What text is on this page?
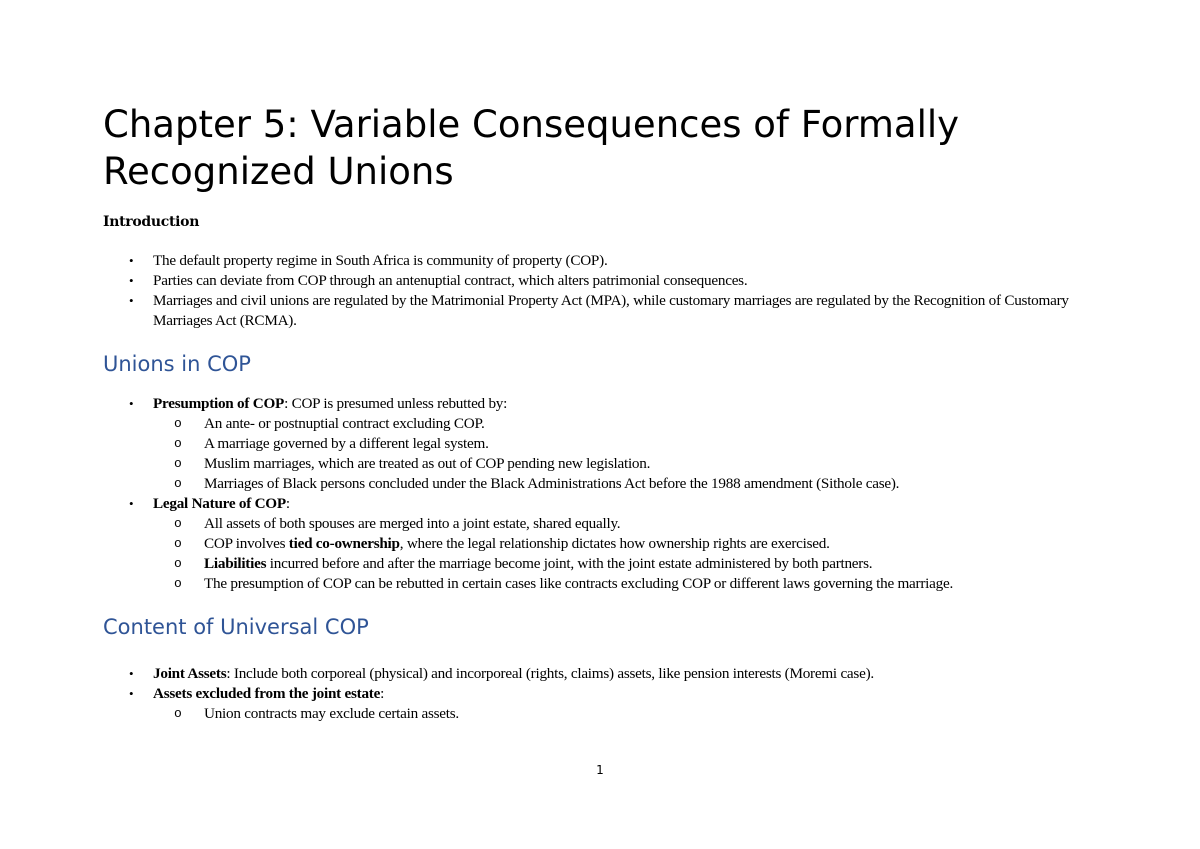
Chapter 5: Variable Consequences of Formally Recognized Unions
Introduction
• The default property regime in South Africa is community of property (COP).
• Parties can deviate from COP through an antenuptial contract, which alters patrimonial consequences.
• Marriages and civil unions are regulated by the Matrimonial Property Act (MPA), while customary marriages are regulated by the Recognition of Customary Marriages Act (RCMA).
Unions in COP
• Presumption of COP: COP is presumed unless rebutted by:
o An ante- or postnuptial contract excluding COP.
o A marriage governed by a different legal system.
o Muslim marriages, which are treated as out of COP pending new legislation.
o Marriages of Black persons concluded under the Black Administrations Act before the 1988 amendment (Sithole case).
• Legal Nature of COP:
o All assets of both spouses are merged into a joint estate, shared equally.
o COP involves tied co-ownership, where the legal relationship dictates how ownership rights are exercised.
o Liabilities incurred before and after the marriage become joint, with the joint estate administered by both partners.
o The presumption of COP can be rebutted in certain cases like contracts excluding COP or different laws governing the marriage.
Content of Universal COP
• Joint Assets: Include both corporeal (physical) and incorporeal (rights, claims) assets, like pension interests (Moremi case).
• Assets excluded from the joint estate:
o Union contracts may exclude certain assets.
1
